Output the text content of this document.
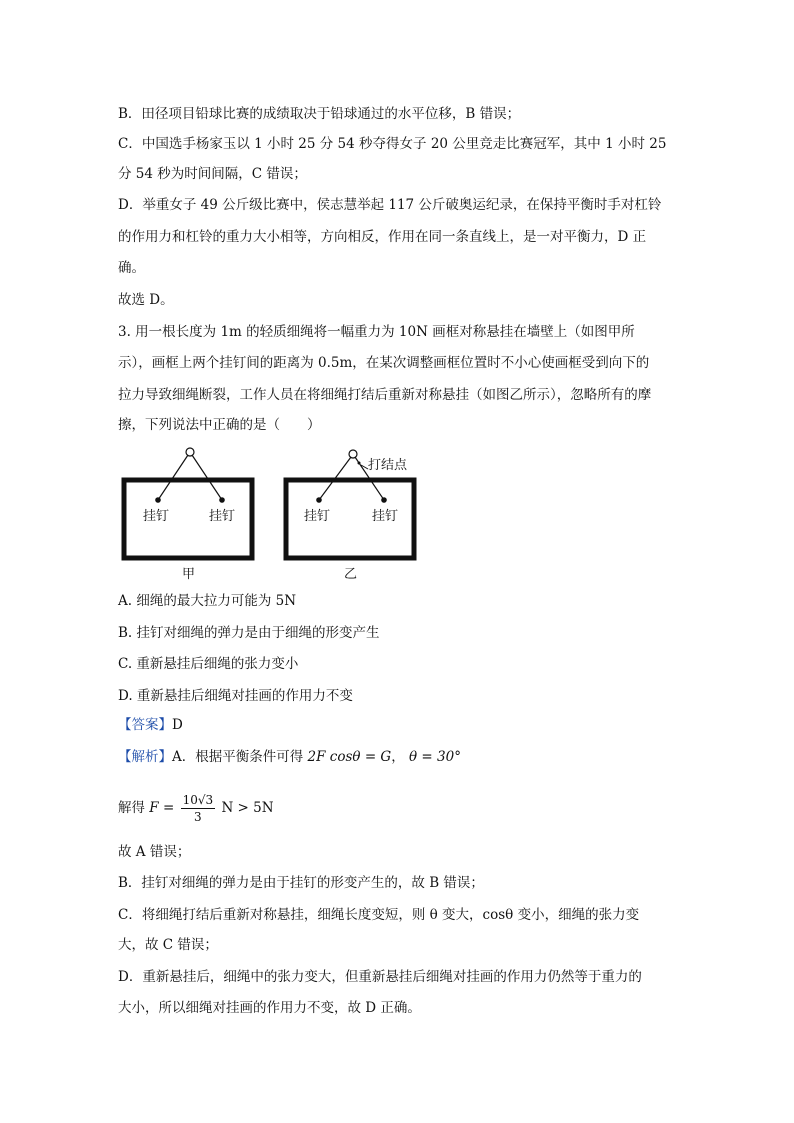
B．田径项目铅球比赛的成绩取决于铅球通过的水平位移，B 错误；
C．中国选手杨家玉以 1 小时 25 分 54 秒夺得女子 20 公里竞走比赛冠军，其中 1 小时 25
分 54 秒为时间间隔，C 错误；
D．举重女子 49 公斤级比赛中，侯志慧举起 117 公斤破奥运纪录，在保持平衡时手对杠铃
的作用力和杠铃的重力大小相等，方向相反，作用在同一条直线上，是一对平衡力，D 正
确。
故选 D。
3. 用一根长度为 1m 的轻质细绳将一幅重力为 10N 画框对称悬挂在墙壁上（如图甲所
示），画框上两个挂钉间的距离为 0.5m，在某次调整画框位置时不小心使画框受到向下的
拉力导致细绳断裂，工作人员在将细绳打结后重新对称悬挂（如图乙所示），忽略所有的摩
擦，下列说法中正确的是（　　）
挂钉	挂钉
甲
打结点
挂钉	挂钉
乙
A. 细绳的最大拉力可能为 5N
B. 挂钉对细绳的弹力是由于细绳的形变产生
C. 重新悬挂后细绳的张力变小
D. 重新悬挂后细绳对挂画的作用力不变
【答案】D
【解析】A．根据平衡条件可得 2F cosθ = G， θ = 30°
解得 $F = \frac{10√3}{3}$ N > 5N
故 A 错误；
B．挂钉对细绳的弹力是由于挂钉的形变产生的，故 B 错误；
C．将细绳打结后重新对称悬挂，细绳长度变短，则 θ 变大，cosθ 变小，细绳的张力变
大，故 C 错误；
D．重新悬挂后，细绳中的张力变大，但重新悬挂后细绳对挂画的作用力仍然等于重力的
大小，所以细绳对挂画的作用力不变，故 D 正确。
